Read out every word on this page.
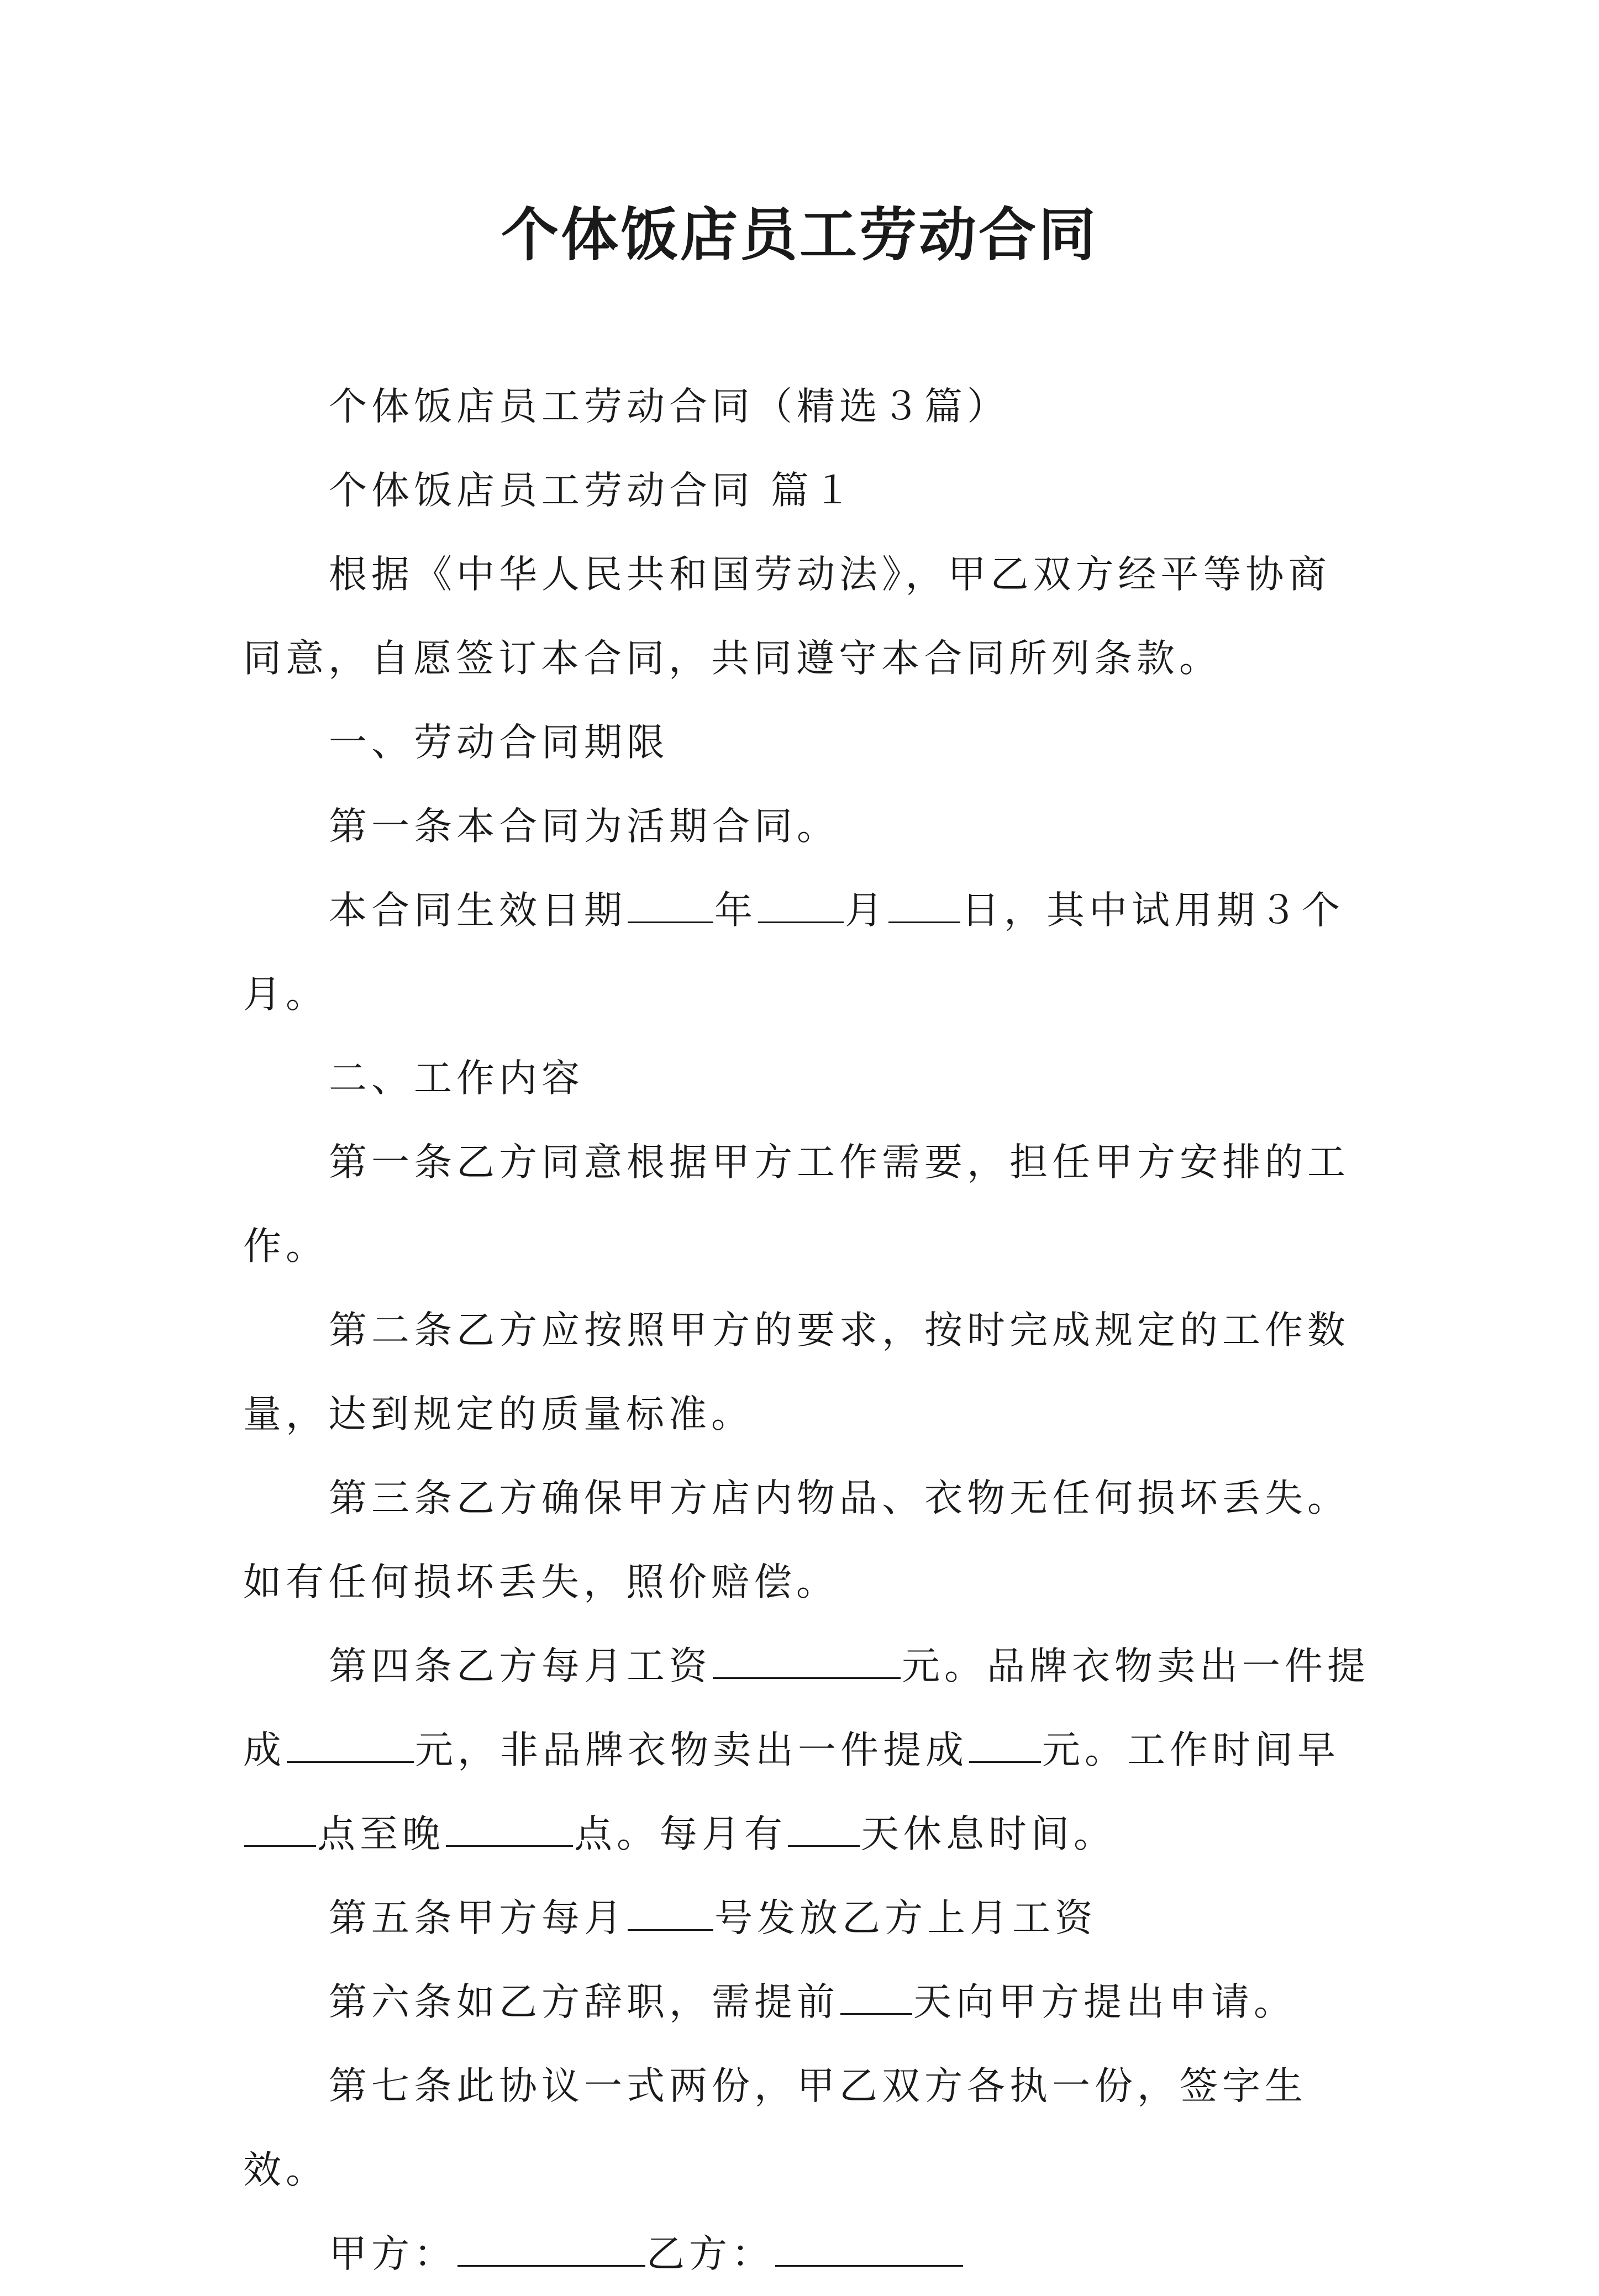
个体饭店员工劳动合同

个体饭店员工劳动合同（精选３篇）

个体饭店员工劳动合同 篇１

根据《中华人民共和国劳动法》，甲乙双方经平等协商同意，自愿签订本合同，共同遵守本合同所列条款。

一、劳动合同期限

第一条本合同为活期合同。

本合同生效日期 年 月 日，其中试用期３个月。

二、工作内容

第一条乙方同意根据甲方工作需要，担任甲方安排的工作。

第二条乙方应按照甲方的要求，按时完成规定的工作数量，达到规定的质量标准。

第三条乙方确保甲方店内物品、衣物无任何损坏丢失。如有任何损坏丢失，照价赔偿。

第四条乙方每月工资	元。品牌衣物卖出一件提成	元，非品牌衣物卖出一件提成 元。工作时间早点至晚	点。每月有 天休息时间。

第五条甲方每月 号发放乙方上月工资

第六条如乙方辞职，需提前 天向甲方提出申请。

第七条此协议一式两份，甲乙双方各执一份，签字生效。

甲方：	乙方：
